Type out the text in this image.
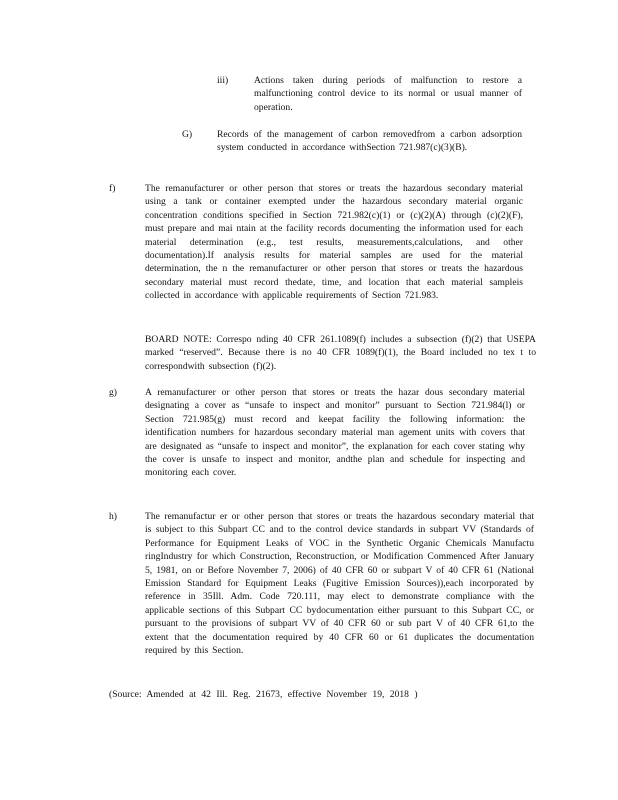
iii)	Actions taken during periods of malfunction to restore a malfunctioning control device to its normal or usual manner of operation.
G)	Records of the management of carbon removedfrom a carbon adsorption system conducted in accordance withSection 721.987(c)(3)(B).
f)	The remanufacturer or other person that stores or treats the hazardous secondary material using a tank or container exempted under the hazardous secondary material organic concentration conditions specified in Section 721.982(c)(1) or (c)(2)(A) through (c)(2)(F), must prepare and mai ntain at the facility records documenting the information used for each material determination (e.g., test results, measurements,calculations, and other documentation).If analysis results for material samples are used for the material determination, the n the remanufacturer or other person that stores or treats the hazardous secondary material must record thedate, time, and location that each material sampleis collected in accordance with applicable requirements of Section 721.983.
BOARD NOTE: Correspo nding 40 CFR 261.1089(f) includes a subsection (f)(2) that USEPA marked “reserved”. Because there is no 40 CFR 1089(f)(1), the Board included no tex t to correspondwith subsection (f)(2).
g)	A remanufacturer or other person that stores or treats the hazar dous secondary material designating a cover as “unsafe to inspect and monitor” pursuant to Section 721.984(l) or Section 721.985(g) must record and keepat facility the following information: the identification numbers for hazardous secondary material man agement units with covers that are designated as “unsafe to inspect and monitor”, the explanation for each cover stating why the cover is unsafe to inspect and monitor, andthe plan and schedule for inspecting and monitoring each cover.
h)	The remanufactur er or other person that stores or treats the hazardous secondary material that is subject to this Subpart CC and to the control device standards in subpart VV (Standards of Performance for Equipment Leaks of VOC in the Synthetic Organic Chemicals Manufactu ringIndustry for which Construction, Reconstruction, or Modification Commenced After January 5, 1981, on or Before November 7, 2006) of 40 CFR 60 or subpart V of 40 CFR 61 (National Emission Standard for Equipment Leaks (Fugitive Emission Sources)),each incorporated by reference in 35Ill. Adm. Code 720.111, may elect to demonstrate compliance with the applicable sections of this Subpart CC bydocumentation either pursuant to this Subpart CC, or pursuant to the provisions of subpart VV of 40 CFR 60 or sub part V of 40 CFR 61,to the extent that the documentation required by 40 CFR 60 or 61 duplicates the documentation required by this Section.
(Source: Amended at 42 Ill. Reg. 21673, effective November 19, 2018 )
